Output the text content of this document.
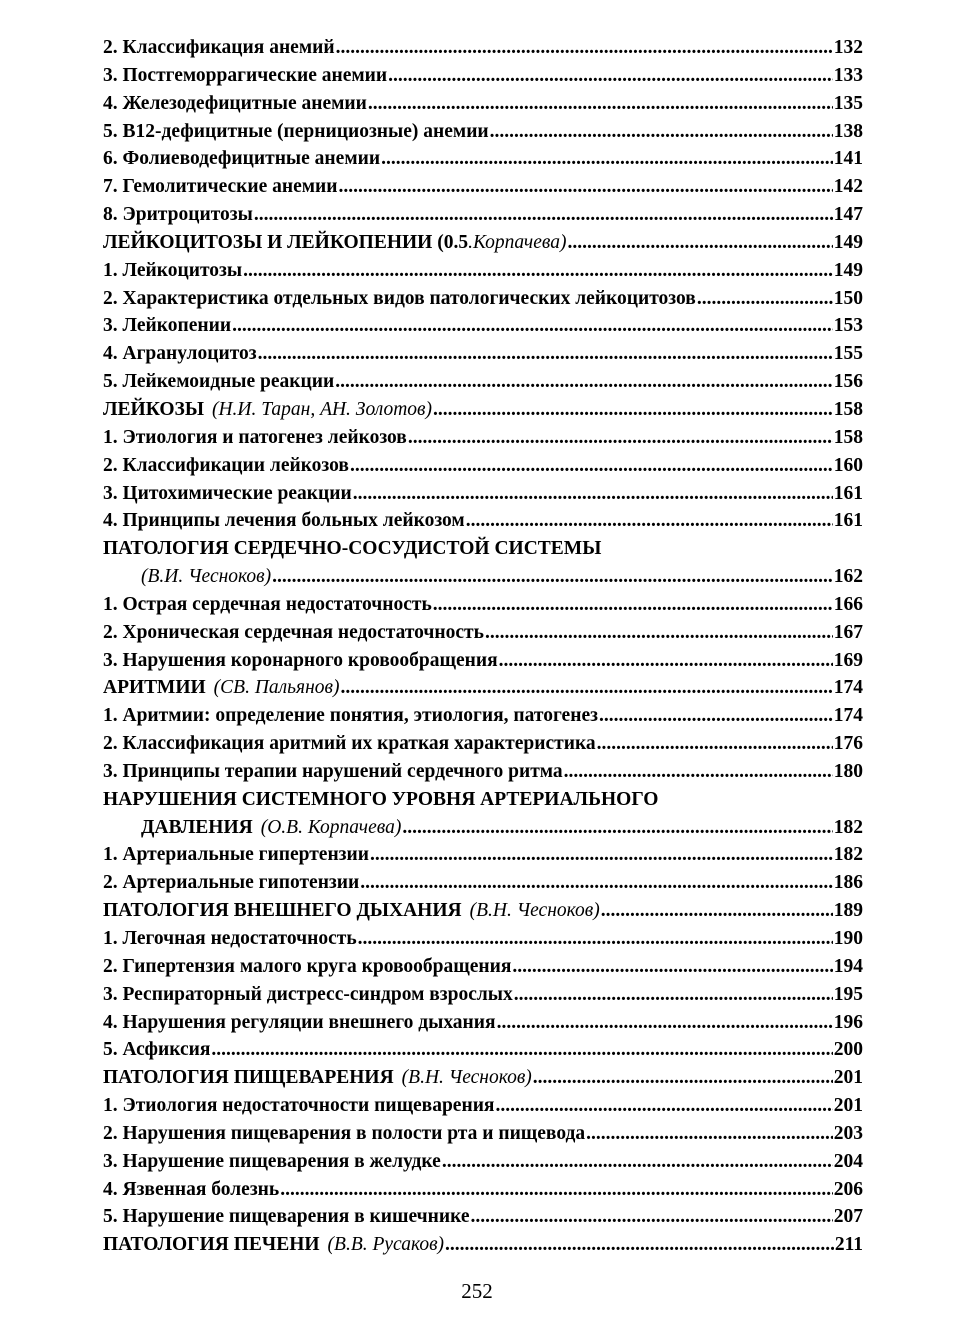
2. Классификация анемий .....	132
3. Постгеморрагические анемии .....	133
4. Железодефицитные анемии .....	135
5. В12-дефицитные (пернициозные) анемии .....	138
6. Фолиеводефицитные анемии .....	141
7. Гемолитические анемии .....	142
8. Эритроцитозы .....	147
ЛЕЙКОЦИТОЗЫ И ЛЕЙКОПЕНИИ (0.5 .Корпачева) .....	149
1. Лейкоцитозы .....	149
2. Характеристика отдельных видов патологических лейкоцитозов .....	150
3. Лейкопении .....	153
4. Агранулоцитоз .....	155
5. Лейкемоидные реакции .....	156
ЛЕЙКОЗЫ (Н.И. Таран, АН. Золотов) .....	158
1. Этиология и патогенез лейкозов .....	158
2. Классификации лейкозов .....	160
3. Цитохимические реакции .....	161
4. Принципы лечения больных лейкозом .....	161
ПАТОЛОГИЯ СЕРДЕЧНО-СОСУДИСТОЙ СИСТЕМЫ
(В.И. Чесноков) .....	162
1. Острая сердечная недостаточность .....	166
2. Хроническая сердечная недостаточность .....	167
3. Нарушения коронарного кровообращения .....	169
АРИТМИИ (СВ. Пальянов) .....	174
1. Аритмии: определение понятия, этиология, патогенез .....	174
2. Классификация аритмий их краткая характеристика .....	176
3. Принципы терапии нарушений сердечного ритма .....	180
НАРУШЕНИЯ СИСТЕМНОГО УРОВНЯ АРТЕРИАЛЬНОГО
ДАВЛЕНИЯ (О.В. Корпачева) .....	182
1. Артериальные гипертензии .....	182
2. Артериальные гипотензии .....	186
ПАТОЛОГИЯ ВНЕШНЕГО ДЫХАНИЯ (В.Н. Чесноков) .....	189
1. Легочная недостаточность .....	190
2. Гипертензия малого круга кровообращения .....	194
3. Респираторный дистресс-синдром взрослых .....	195
4. Нарушения регуляции внешнего дыхания .....	196
5. Асфиксия .....	200
ПАТОЛОГИЯ ПИЩЕВАРЕНИЯ (В.Н. Чесноков) .....	201
1. Этиология недостаточности пищеварения .....	201
2. Нарушения пищеварения в полости рта и пищевода .....	203
3. Нарушение пищеварения в желудке .....	204
4. Язвенная болезнь .....	206
5. Нарушение пищеварения в кишечнике .....	207
ПАТОЛОГИЯ ПЕЧЕНИ (В.В. Русаков) .....	211
252
